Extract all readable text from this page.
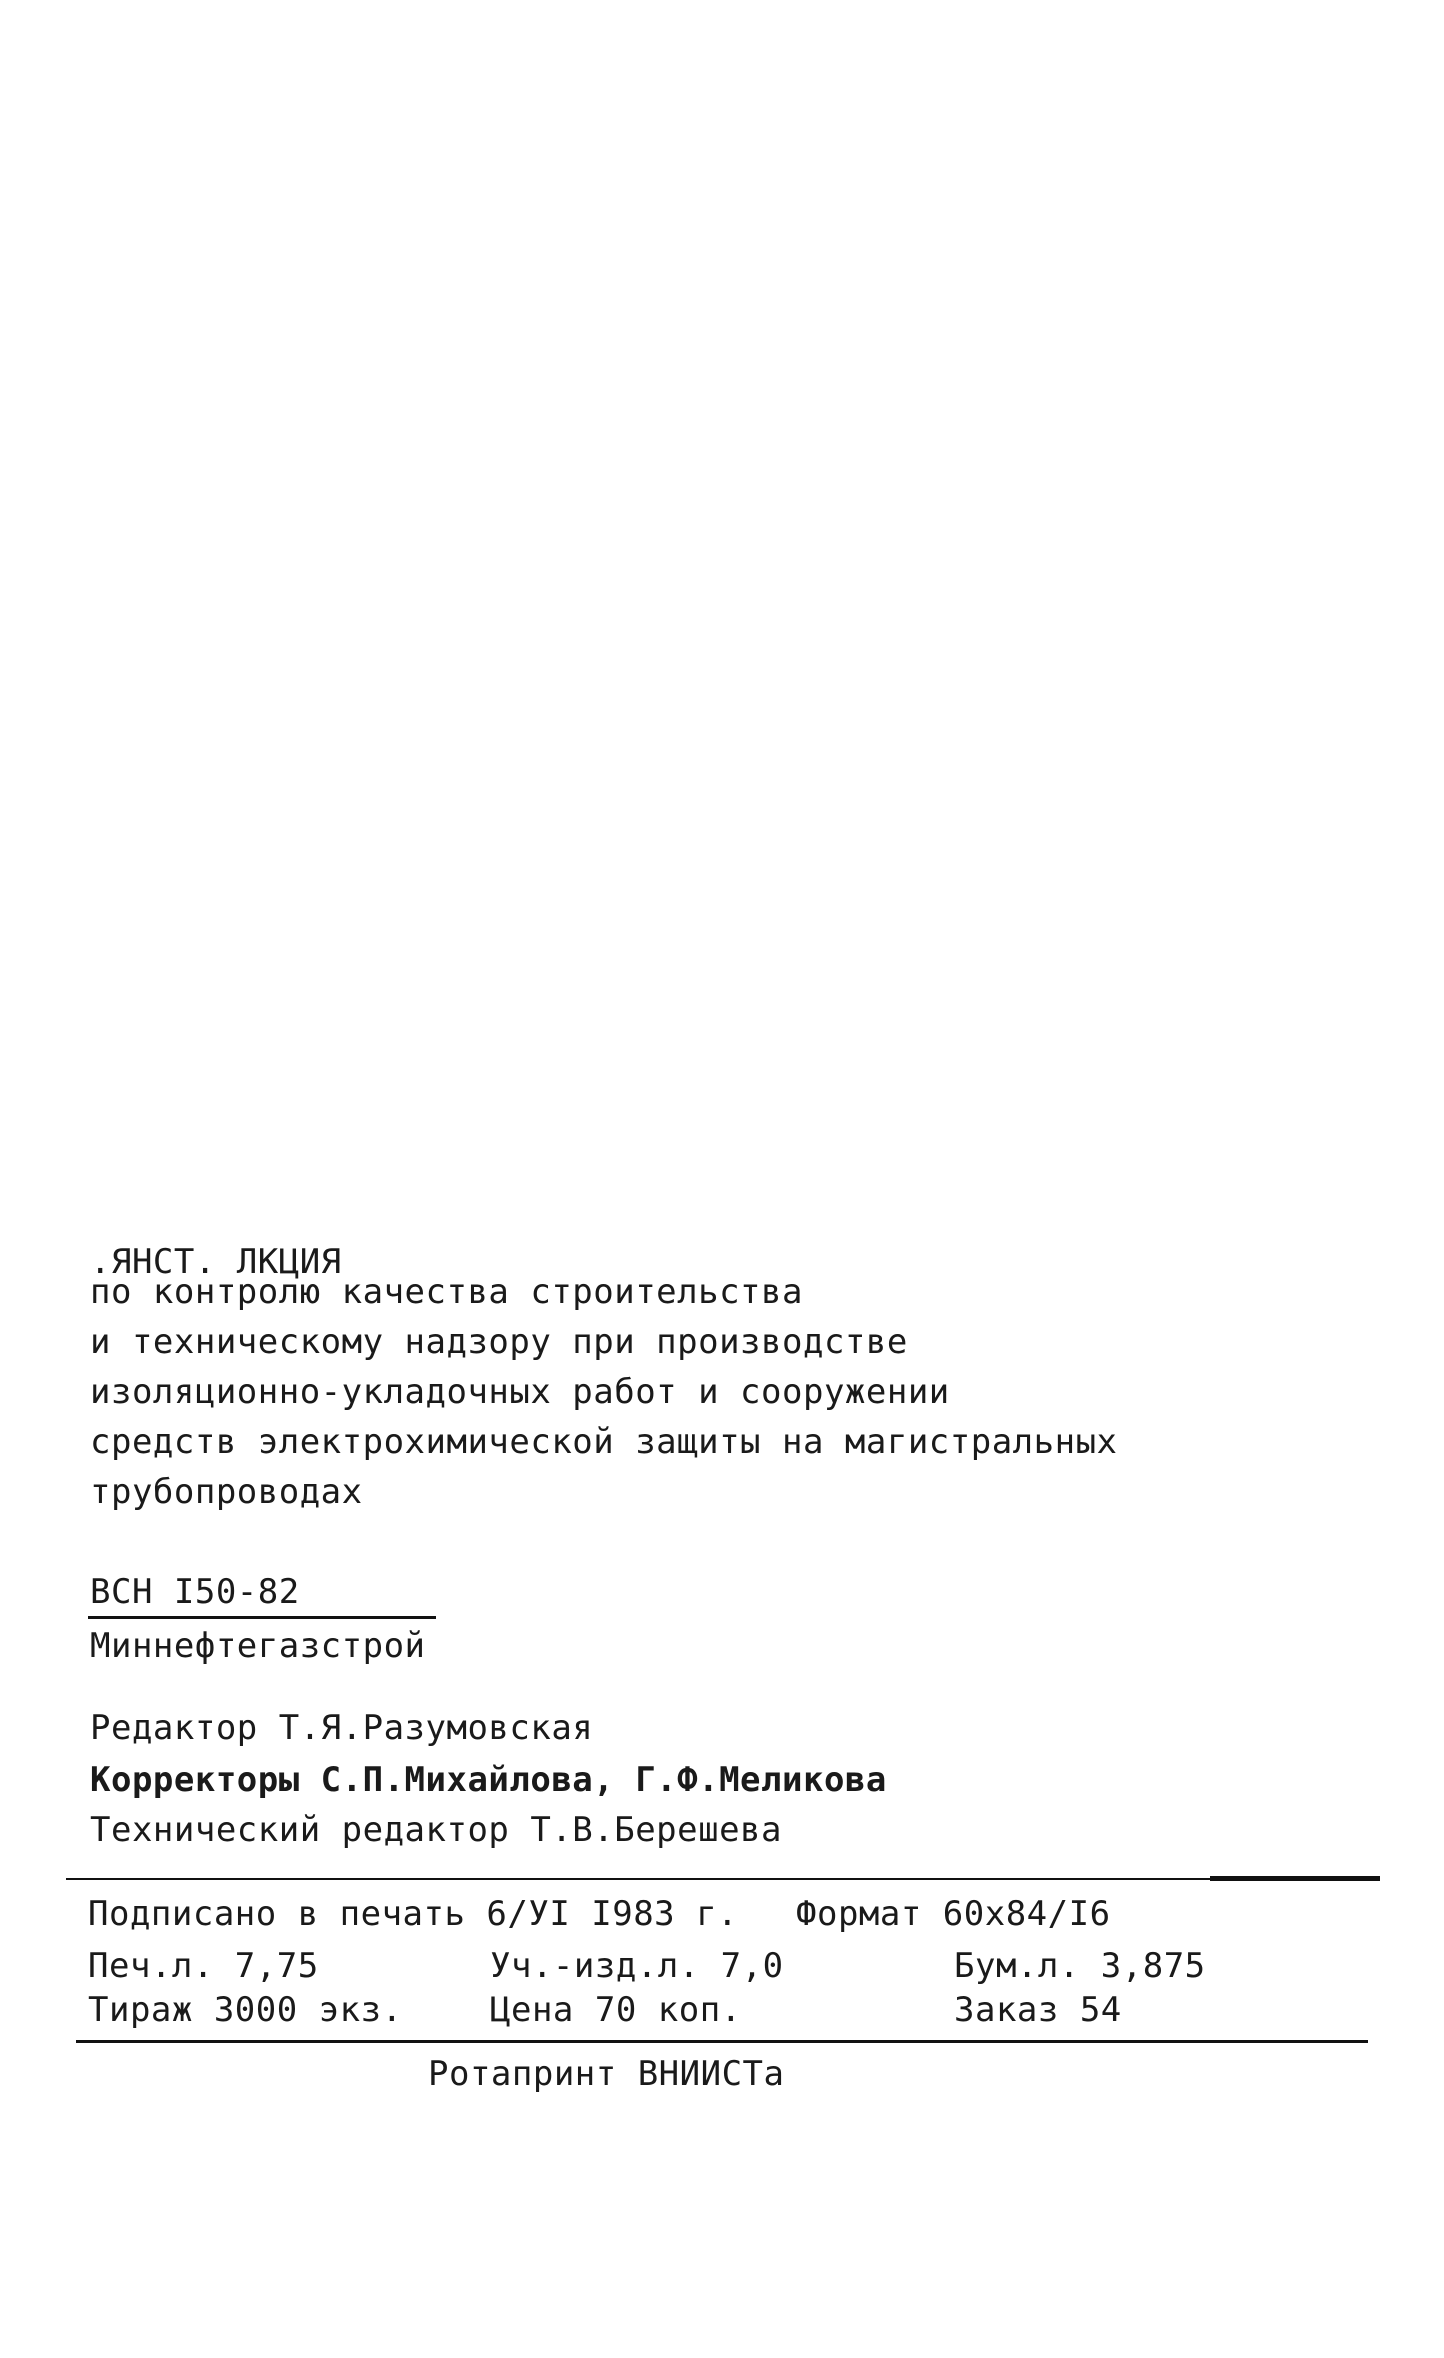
.ЯНСТ. ЛКЦИЯ
по контролю качества строительства
и техническому надзору при производстве
изоляционно-укладочных работ и сооружении
средств электрохимической защиты на магистральных
трубопроводах
ВСН I50-82
Миннефтегазстрой
Редактор Т.Я.Разумовская
Корректоры С.П.Михайлова, Г.Ф.Меликова
Технический редактор Т.В.Берешева
Подписано в печать 6/УI I983 г. Формат 60х84/I6
Печ.л. 7,75	Уч.-изд.л. 7,0	Бум.л. 3,875
Тираж 3000 экз.	Цена 70 коп.	Заказ 54
Ротапринт ВНИИСТа
